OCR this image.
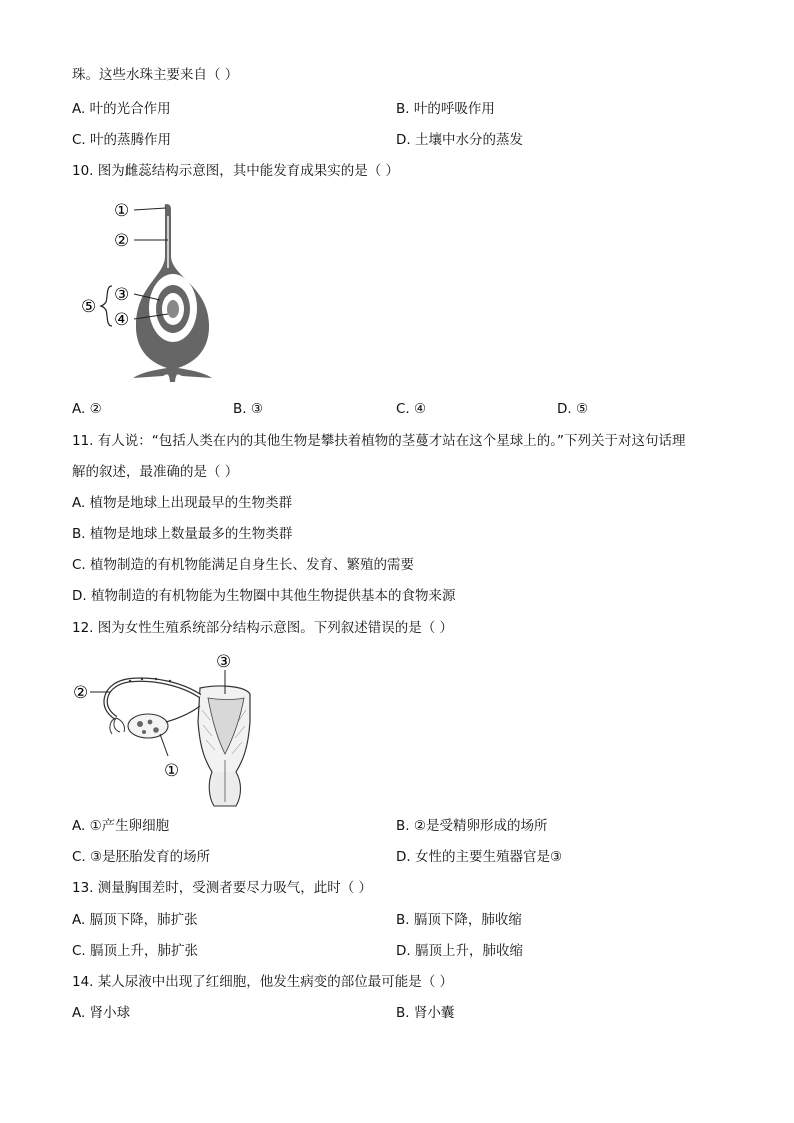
珠。这些水珠主要来自（ ）
A. 叶的光合作用	B. 叶的呼吸作用
C. 叶的蒸腾作用	D. 土壤中水分的蒸发
10. 图为雌蕊结构示意图，其中能发育成果实的是（ ）
①
②
③
④
⑤
A. ②	B. ③	C. ④	D. ⑤
11. 有人说：“包括人类在内的其他生物是攀扶着植物的茎蔓才站在这个星球上的。”下列关于对这句话理
解的叙述，最准确的是（ ）
A. 植物是地球上出现最早的生物类群
B. 植物是地球上数量最多的生物类群
C. 植物制造的有机物能满足自身生长、发育、繁殖的需要
D. 植物制造的有机物能为生物圈中其他生物提供基本的食物来源
12. 图为女性生殖系统部分结构示意图。下列叙述错误的是（ ）
②
③
①
A. ①产生卵细胞	B. ②是受精卵形成的场所
C. ③是胚胎发育的场所	D. 女性的主要生殖器官是③
13. 测量胸围差时，受测者要尽力吸气，此时（ ）
A. 膈顶下降，肺扩张	B. 膈顶下降，肺收缩
C. 膈顶上升，肺扩张	D. 膈顶上升，肺收缩
14. 某人尿液中出现了红细胞，他发生病变的部位最可能是（ ）
A. 肾小球	B. 肾小囊
